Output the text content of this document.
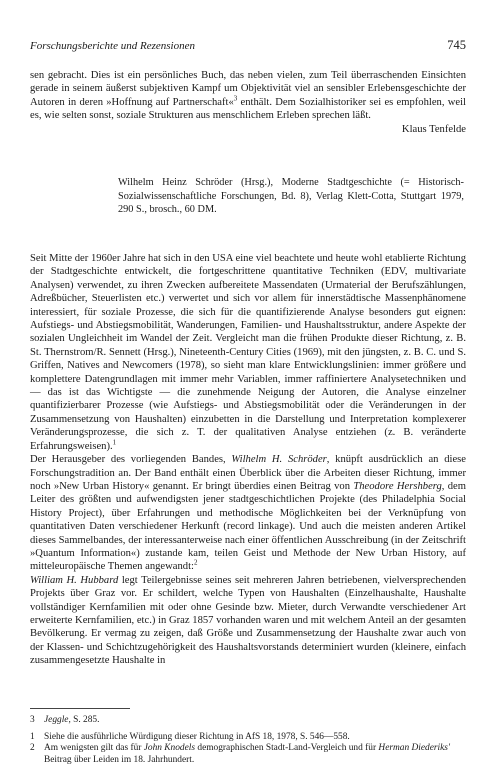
Forschungsberichte und Rezensionen	745

sen gebracht. Dies ist ein persönliches Buch, das neben vielen, zum Teil überraschenden Einsichten gerade in seinem äußerst subjektiven Kampf um Objektivität viel an sensibler Erlebensgeschichte der Autoren in deren »Hoffnung auf Partnerschaft«$^3$ enthält. Dem Sozialhistoriker sei es empfohlen, weil es, wie selten sonst, soziale Strukturen aus menschlichem Erleben sprechen läßt.

Klaus Tenfelde

Wilhelm Heinz Schröder (Hrsg.), Moderne Stadtgeschichte (= Historisch-Sozialwissenschaftliche Forschungen, Bd. 8), Verlag Klett-Cotta, Stuttgart 1979, 290 S., brosch., 60 DM.

Seit Mitte der 1960er Jahre hat sich in den USA eine viel beachtete und heute wohl etablierte Richtung der Stadtgeschichte entwickelt, die fortgeschrittene quantitative Techniken (EDV, multivariate Analysen) verwendet, zu ihren Zwecken aufbereitete Massendaten (Urmaterial der Berufszählungen, Adreßbücher, Steuerlisten etc.) verwertet und sich vor allem für innerstädtische Massenphänomene interessiert, für soziale Prozesse, die sich für die quantifizierende Analyse besonders gut eignen: Aufstiegs- und Abstiegsmobilität, Wanderungen, Familien- und Haushaltsstruktur, andere Aspekte der sozialen Ungleichheit im Wandel der Zeit. Vergleicht man die frühen Produkte dieser Richtung, z. B. St. Thernstrom/R. Sennett (Hrsg.), Nineteenth-Century Cities (1969), mit den jüngsten, z. B. C. und S. Griffen, Natives and Newcomers (1978), so sieht man klare Entwicklungslinien: immer größere und komplettere Datengrundlagen mit immer mehr Variablen, immer raffiniertere Analysetechniken und — das ist das Wichtigste — die zunehmende Neigung der Autoren, die Analyse einzelner quantifizierbarer Prozesse (wie Aufstiegs- und Abstiegsmobilität oder die Veränderungen in der Zusammensetzung von Haushalten) einzubetten in die Darstellung und Interpretation komplexerer Veränderungsprozesse, die sich z. T. der qualitativen Analyse entziehen (z. B. veränderte Erfahrungsweisen).$^1$

Der Herausgeber des vorliegenden Bandes, Wilhelm H. Schröder, knüpft ausdrücklich an diese Forschungstradition an. Der Band enthält einen Überblick über die Arbeiten dieser Richtung, immer noch »New Urban History« genannt. Er bringt überdies einen Beitrag von Theodore Hershberg, dem Leiter des größten und aufwendigsten jener stadtgeschichtlichen Projekte (des Philadelphia Social History Project), über Erfahrungen und methodische Möglichkeiten bei der Verknüpfung von quantitativen Daten verschiedener Herkunft (record linkage). Und auch die meisten anderen Artikel dieses Sammelbandes, der interessanterweise nach einer öffentlichen Ausschreibung (in der Zeitschrift »Quantum Information«) zustande kam, teilen Geist und Methode der New Urban History, auf mitteleuropäische Themen angewandt:$^2$

William H. Hubbard legt Teilergebnisse seines seit mehreren Jahren betriebenen, vielversprechenden Projekts über Graz vor. Er schildert, welche Typen von Haushalten (Einzelhaushalte, Haushalte vollständiger Kernfamilien mit oder ohne Gesinde bzw. Mieter, durch Verwandte verschiedener Art erweiterte Kernfamilien, etc.) in Graz 1857 vorhanden waren und mit welchem Anteil an der gesamten Bevölkerung. Er vermag zu zeigen, daß Größe und Zusammensetzung der Haushalte zwar auch von der Klassen- und Schichtzugehörigkeit des Haushaltsvorstands determiniert wurden (kleinere, einfach zusammengesetzte Haushalte in

3 Jeggle, S. 285.

1 Siehe die ausführliche Würdigung dieser Richtung in AfS 18, 1978, S. 546—558.

2 Am wenigsten gilt das für John Knodels demographischen Stadt-Land-Vergleich und für Herman Diederiks' Beitrag über Leiden im 18. Jahrhundert.
